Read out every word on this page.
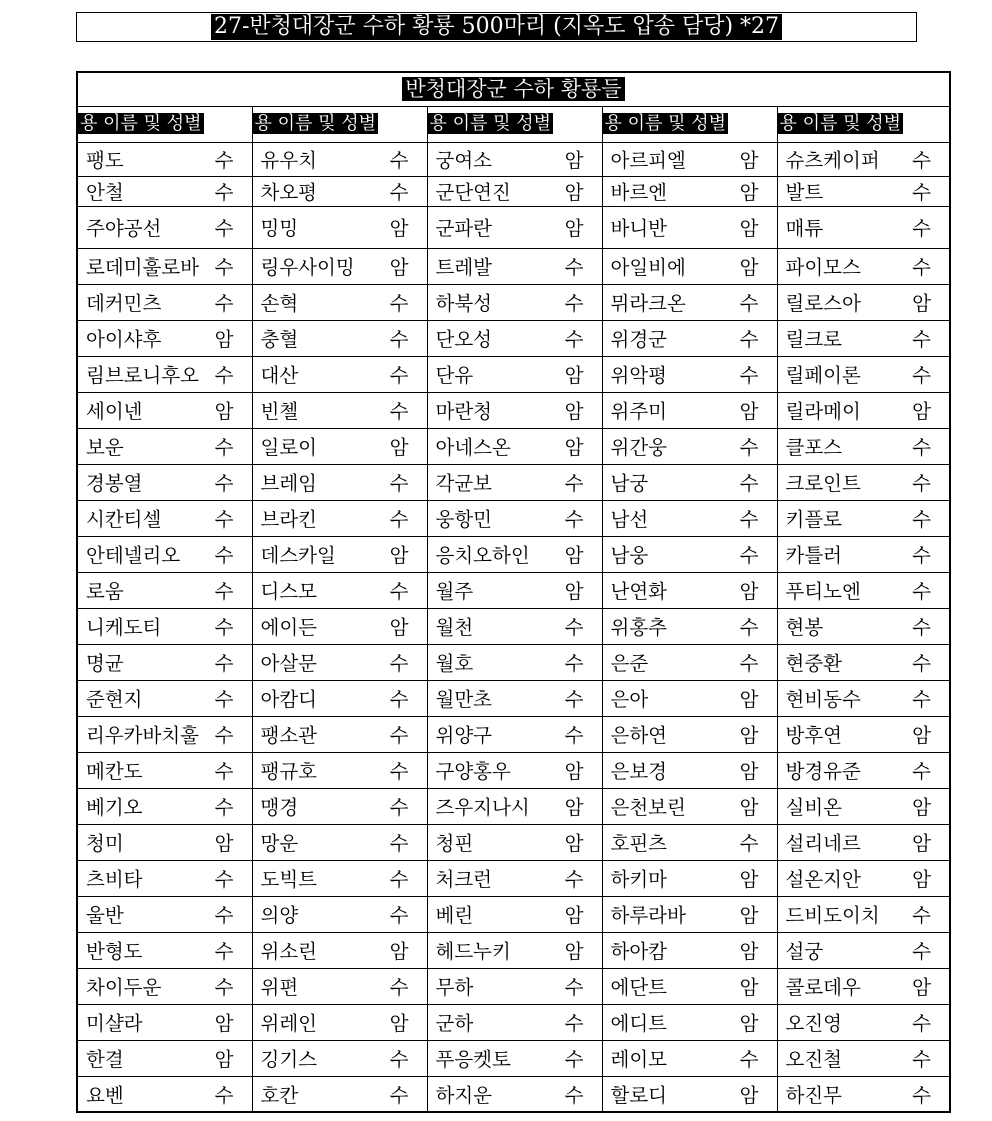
27-반청대장군 수하 황룡 500마리 (지옥도 압송 담당) *27
반청대장군 수하 황룡들				
용 이름 및 성별	용 이름 및 성별	용 이름 및 성별	용 이름 및 성별	용 이름 및 성별

팽도 수	유우치 수	궁여소 암	아르피엘 암	슈츠케이퍼 수

안철 수	차오평 수	군단연진 암	바르엔 암	발트 수

주야공선 수	밍밍 암	군파란 암	바니반 암	매튜 수

로데미훌로바 수	링우사이밍 암	트레발 수	아일비에 암	파이모스 수

데커민츠 수	손혁 수	하북성 수	뮈라크온 수	릴로스아 암

아이샤후 암	충혈 수	단오성 수	위경군 수	릴크로 수

림브로니후오 수	대산 수	단유 암	위악평 수	릴페이론 수

세이넨 암	빈첼 수	마란청 암	위주미 암	릴라메이 암

보운 수	일로이 암	아네스온 암	위간웅 수	클포스 수

경봉열 수	브레임 수	각균보 수	남궁 수	크로인트 수

시칸티셀 수	브라킨 수	웅항민 수	남선 수	키플로 수

안테넬리오 수	데스카일 암	응치오하인 암	남웅 수	카틀러 수

로움 수	디스모 수	월주 암	난연화 암	푸티노엔 수

니케도티 수	에이든 암	월천 수	위홍추 수	현봉 수

명균 수	아살문 수	월호 수	은준 수	현중환 수

준현지 수	아캄디 수	월만초 수	은아 암	현비동수 수

리우카바치훌 수	팽소관 수	위양구 수	은하연 암	방후연 암

메칸도 수	팽규호 수	구양홍우 암	은보경 암	방경유준 수

베기오 수	맹경 수	즈우지나시 암	은천보린 암	실비온 암

청미 암	망운 수	청핀 암	호핀츠 수	설리네르 암

츠비타 수	도빅트 수	처크런 수	하키마 암	설온지안 암

울반 수	의양 수	베린 암	하루라바 암	드비도이치 수

반형도 수	위소린 암	헤드누키 암	하아캄 암	설궁 수

차이두운 수	위편 수	무하 수	에단트 암	콜로데우 암

미샬라 암	위레인 암	군하 수	에디트 암	오진영 수

한결 암	깅기스 수	푸응켓토 수	레이모 수	오진철 수

요벤 수	호칸 수	하지운 수	할로디 암	하진무 수
